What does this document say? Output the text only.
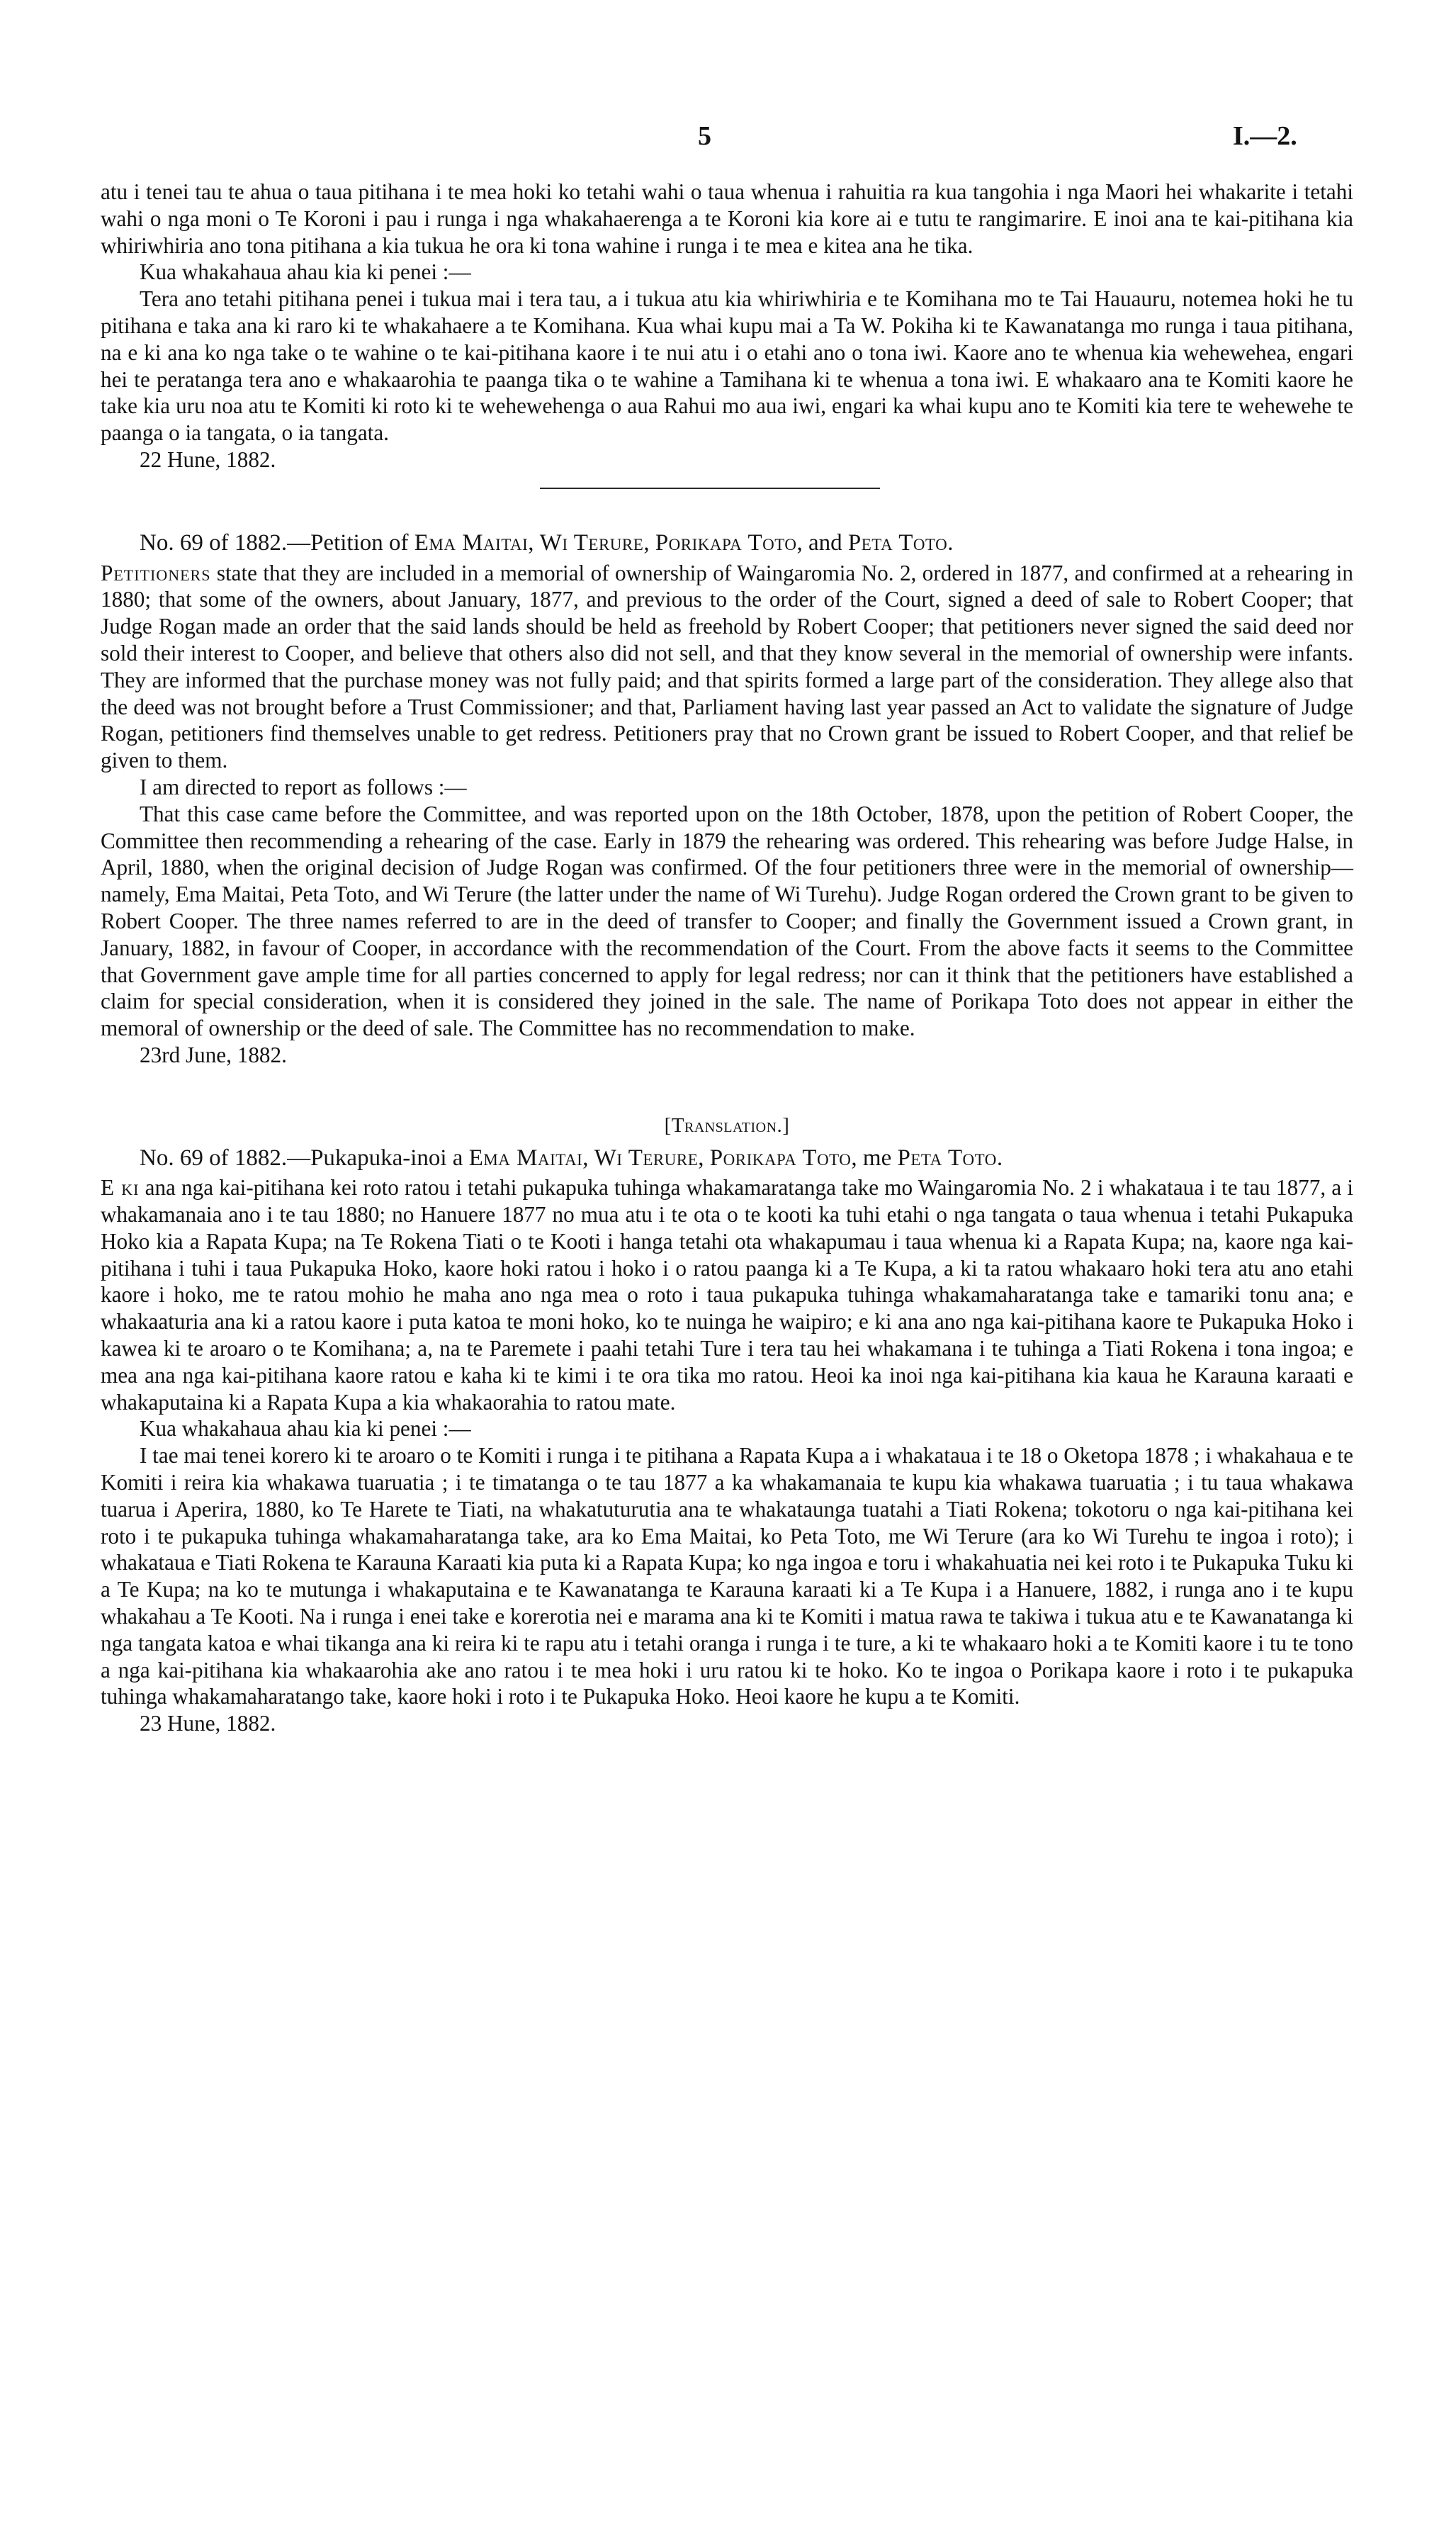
5	I.—2.

atu i tenei tau te ahua o taua pitihana i te mea hoki ko tetahi wahi o taua whenua i rahuitia ra kua tangohia i nga Maori hei whakarite i tetahi wahi o nga moni o Te Koroni i pau i runga i nga whakahaerenga a te Koroni kia kore ai e tutu te rangimarire. E inoi ana te kai-pitihana kia whiriwhiria ano tona pitihana a kia tukua he ora ki tona wahine i runga i te mea e kitea ana he tika.

Kua whakahaua ahau kia ki penei :—

Tera ano tetahi pitihana penei i tukua mai i tera tau, a i tukua atu kia whiriwhiria e te Komihana mo te Tai Hauauru, notemea hoki he tu pitihana e taka ana ki raro ki te whakahaere a te Komihana. Kua whai kupu mai a Ta W. Pokiha ki te Kawanatanga mo runga i taua pitihana, na e ki ana ko nga take o te wahine o te kai-pitihana kaore i te nui atu i o etahi ano o tona iwi. Kaore ano te whenua kia wehewehea, engari hei te peratanga tera ano e whakaarohia te paanga tika o te wahine a Tamihana ki te whenua a tona iwi. E whakaaro ana te Komiti kaore he take kia uru noa atu te Komiti ki roto ki te wehewehenga o aua Rahui mo aua iwi, engari ka whai kupu ano te Komiti kia tere te wehewehe te paanga o ia tangata, o ia tangata.

22 Hune, 1882.

No. 69 of 1882.—Petition of Ema Maitai, Wi Terure, Porikapa Toto, and Peta Toto.

Petitioners state that they are included in a memorial of ownership of Waingaromia No. 2, ordered in 1877, and confirmed at a rehearing in 1880; that some of the owners, about January, 1877, and previous to the order of the Court, signed a deed of sale to Robert Cooper; that Judge Rogan made an order that the said lands should be held as freehold by Robert Cooper; that petitioners never signed the said deed nor sold their interest to Cooper, and believe that others also did not sell, and that they know several in the memorial of ownership were infants. They are informed that the purchase money was not fully paid; and that spirits formed a large part of the consideration. They allege also that the deed was not brought before a Trust Commissioner; and that, Parliament having last year passed an Act to validate the signature of Judge Rogan, petitioners find themselves unable to get redress. Petitioners pray that no Crown grant be issued to Robert Cooper, and that relief be given to them.

I am directed to report as follows :—

That this case came before the Committee, and was reported upon on the 18th October, 1878, upon the petition of Robert Cooper, the Committee then recommending a rehearing of the case. Early in 1879 the rehearing was ordered. This rehearing was before Judge Halse, in April, 1880, when the original decision of Judge Rogan was confirmed. Of the four petitioners three were in the memorial of ownership—namely, Ema Maitai, Peta Toto, and Wi Terure (the latter under the name of Wi Turehu). Judge Rogan ordered the Crown grant to be given to Robert Cooper. The three names referred to are in the deed of transfer to Cooper; and finally the Government issued a Crown grant, in January, 1882, in favour of Cooper, in accordance with the recommendation of the Court. From the above facts it seems to the Committee that Government gave ample time for all parties concerned to apply for legal redress; nor can it think that the petitioners have established a claim for special consideration, when it is considered they joined in the sale. The name of Porikapa Toto does not appear in either the memoral of ownership or the deed of sale. The Committee has no recommendation to make.

23rd June, 1882.

[Translation.]

No. 69 of 1882.—Pukapuka-inoi a Ema Maitai, Wi Terure, Porikapa Toto, me Peta Toto.

E ki ana nga kai-pitihana kei roto ratou i tetahi pukapuka tuhinga whakamaratanga take mo Waingaromia No. 2 i whakataua i te tau 1877, a i whakamanaia ano i te tau 1880; no Hanuere 1877 no mua atu i te ota o te kooti ka tuhi etahi o nga tangata o taua whenua i tetahi Pukapuka Hoko kia a Rapata Kupa; na Te Rokena Tiati o te Kooti i hanga tetahi ota whakapumau i taua whenua ki a Rapata Kupa; na, kaore nga kai-pitihana i tuhi i taua Pukapuka Hoko, kaore hoki ratou i hoko i o ratou paanga ki a Te Kupa, a ki ta ratou whakaaro hoki tera atu ano etahi kaore i hoko, me te ratou mohio he maha ano nga mea o roto i taua pukapuka tuhinga whakamaharatanga take e tamariki tonu ana; e whakaaturia ana ki a ratou kaore i puta katoa te moni hoko, ko te nuinga he waipiro; e ki ana ano nga kai-pitihana kaore te Pukapuka Hoko i kawea ki te aroaro o te Komihana; a, na te Paremete i paahi tetahi Ture i tera tau hei whakamana i te tuhinga a Tiati Rokena i tona ingoa; e mea ana nga kai-pitihana kaore ratou e kaha ki te kimi i te ora tika mo ratou. Heoi ka inoi nga kai-pitihana kia kaua he Karauna karaati e whakaputaina ki a Rapata Kupa a kia whakaorahia to ratou mate.

Kua whakahaua ahau kia ki penei :—

I tae mai tenei korero ki te aroaro o te Komiti i runga i te pitihana a Rapata Kupa a i whakataua i te 18 o Oketopa 1878 ; i whakahaua e te Komiti i reira kia whakawa tuaruatia ; i te timatanga o te tau 1877 a ka whakamanaia te kupu kia whakawa tuaruatia ; i tu taua whakawa tuarua i Aperira, 1880, ko Te Harete te Tiati, na whakatuturutia ana te whakataunga tuatahi a Tiati Rokena; tokotoru o nga kai-pitihana kei roto i te pukapuka tuhinga whakamaharatanga take, ara ko Ema Maitai, ko Peta Toto, me Wi Terure (ara ko Wi Turehu te ingoa i roto); i whakataua e Tiati Rokena te Karauna Karaati kia puta ki a Rapata Kupa; ko nga ingoa e toru i whakahuatia nei kei roto i te Pukapuka Tuku ki a Te Kupa; na ko te mutunga i whakaputaina e te Kawanatanga te Karauna karaati ki a Te Kupa i a Hanuere, 1882, i runga ano i te kupu whakahau a Te Kooti. Na i runga i enei take e korerotia nei e marama ana ki te Komiti i matua rawa te takiwa i tukua atu e te Kawanatanga ki nga tangata katoa e whai tikanga ana ki reira ki te rapu atu i tetahi oranga i runga i te ture, a ki te whakaaro hoki a te Komiti kaore i tu te tono a nga kai-pitihana kia whakaarohia ake ano ratou i te mea hoki i uru ratou ki te hoko. Ko te ingoa o Porikapa kaore i roto i te pukapuka tuhinga whakamaharatango take, kaore hoki i roto i te Pukapuka Hoko. Heoi kaore he kupu a te Komiti.

23 Hune, 1882.
